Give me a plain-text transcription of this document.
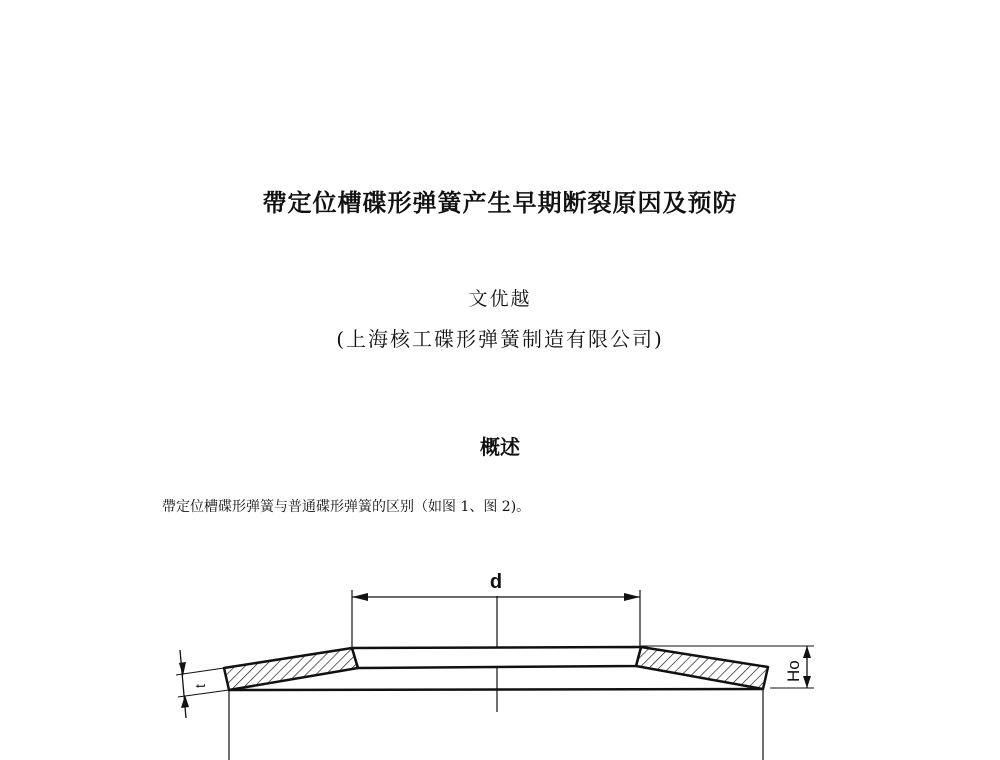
帶定位槽碟形弹簧产生早期断裂原因及预防
文优越
(上海核工碟形弹簧制造有限公司)
概述
帶定位槽碟形弹簧与普通碟形弹簧的区别（如图 1、图 2)。
d
t
Ho
